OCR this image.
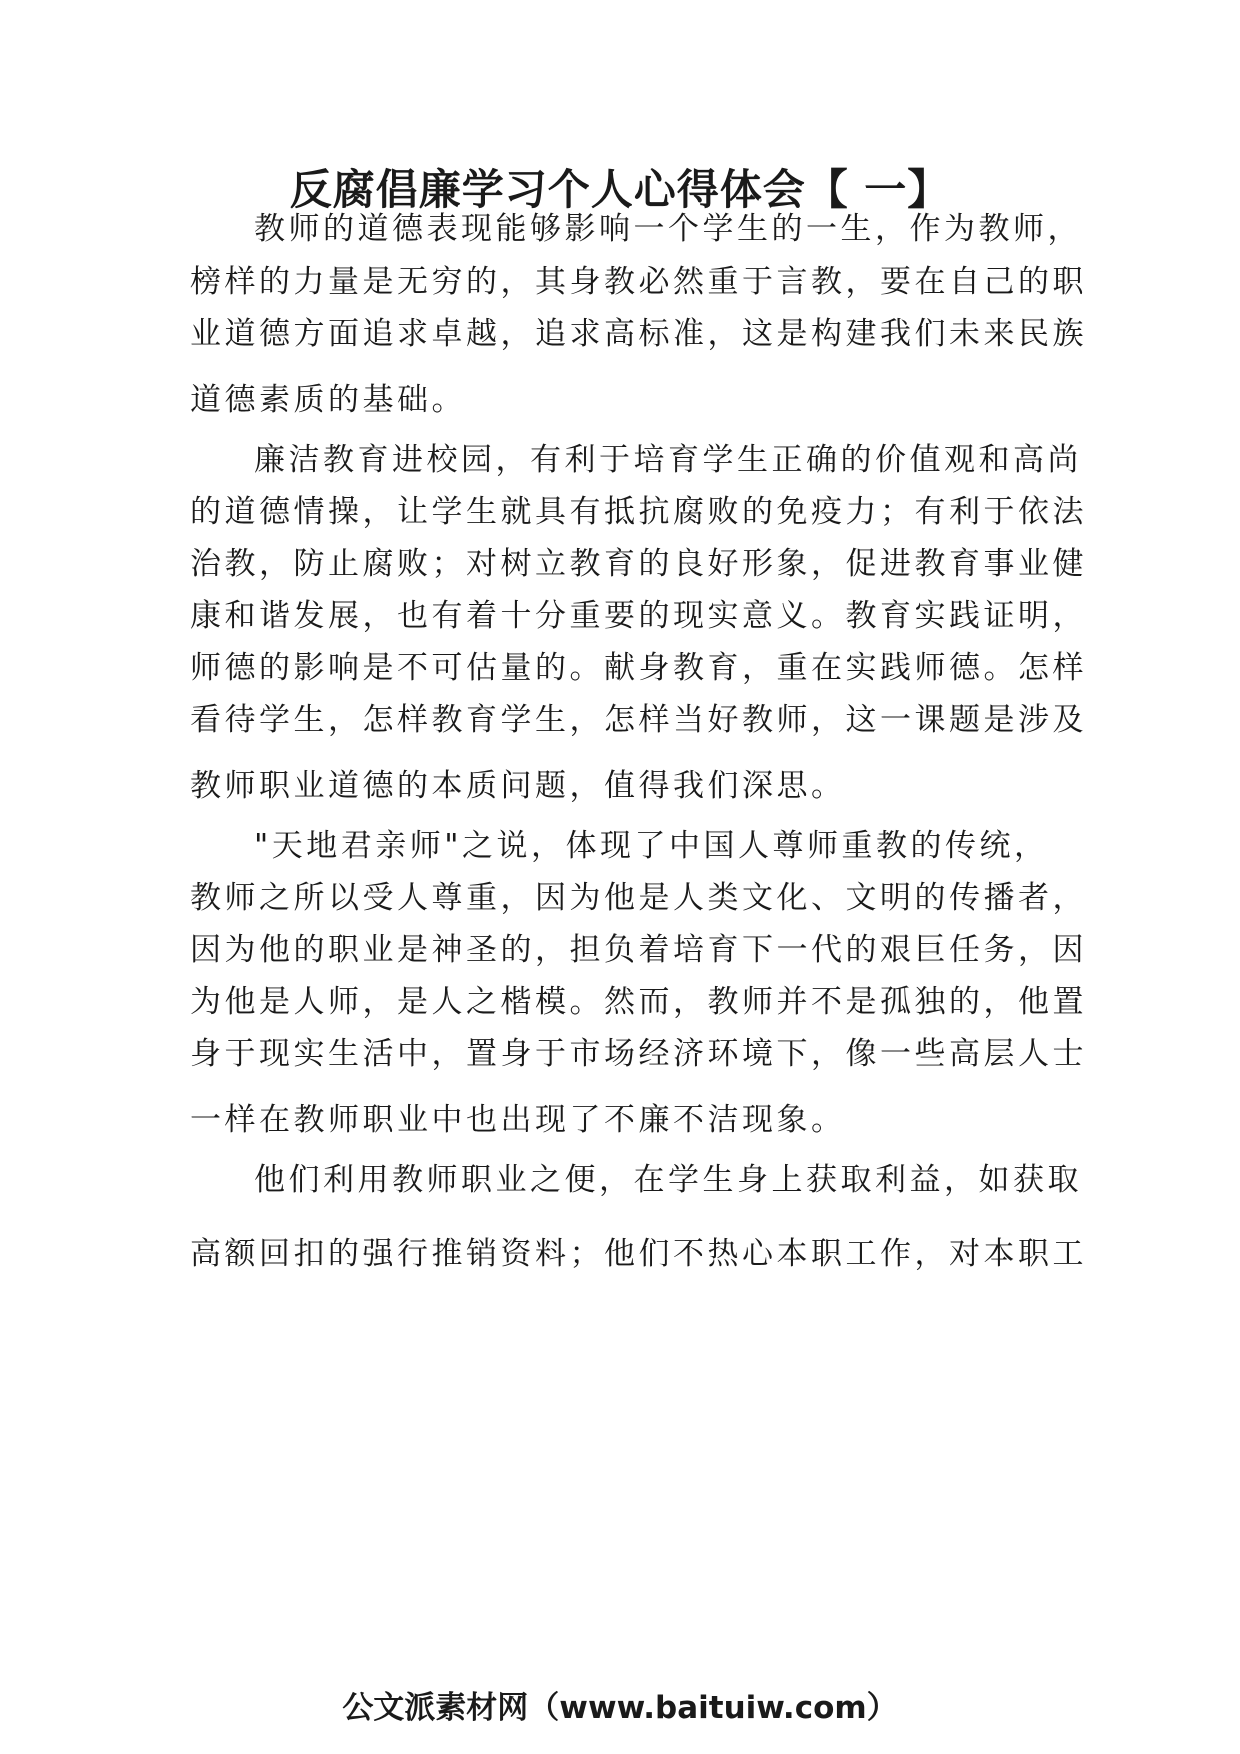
反腐倡廉学习个人心得体会【 一】
教师的道德表现能够影响一个学生的一生，作为教师，
榜样的力量是无穷的，其身教必然重于言教，要在自己的职
业道德方面追求卓越，追求高标准，这是构建我们未来民族
道德素质的基础。
廉洁教育进校园，有利于培育学生正确的价值观和高尚
的道德情操，让学生就具有抵抗腐败的免疫力；有利于依法
治教，防止腐败；对树立教育的良好形象，促进教育事业健
康和谐发展，也有着十分重要的现实意义。教育实践证明，
师德的影响是不可估量的。献身教育，重在实践师德。怎样
看待学生，怎样教育学生，怎样当好教师，这一课题是涉及
教师职业道德的本质问题，值得我们深思。
"天地君亲师"之说，体现了中国人尊师重教的传统，
教师之所以受人尊重，因为他是人类文化、文明的传播者，
因为他的职业是神圣的，担负着培育下一代的艰巨任务，因
为他是人师，是人之楷模。然而，教师并不是孤独的，他置
身于现实生活中，置身于市场经济环境下，像一些高层人士
一样在教师职业中也出现了不廉不洁现象。
他们利用教师职业之便，在学生身上获取利益，如获取
高额回扣的强行推销资料；他们不热心本职工作，对本职工
公文派素材网（www.baituiw.com）
